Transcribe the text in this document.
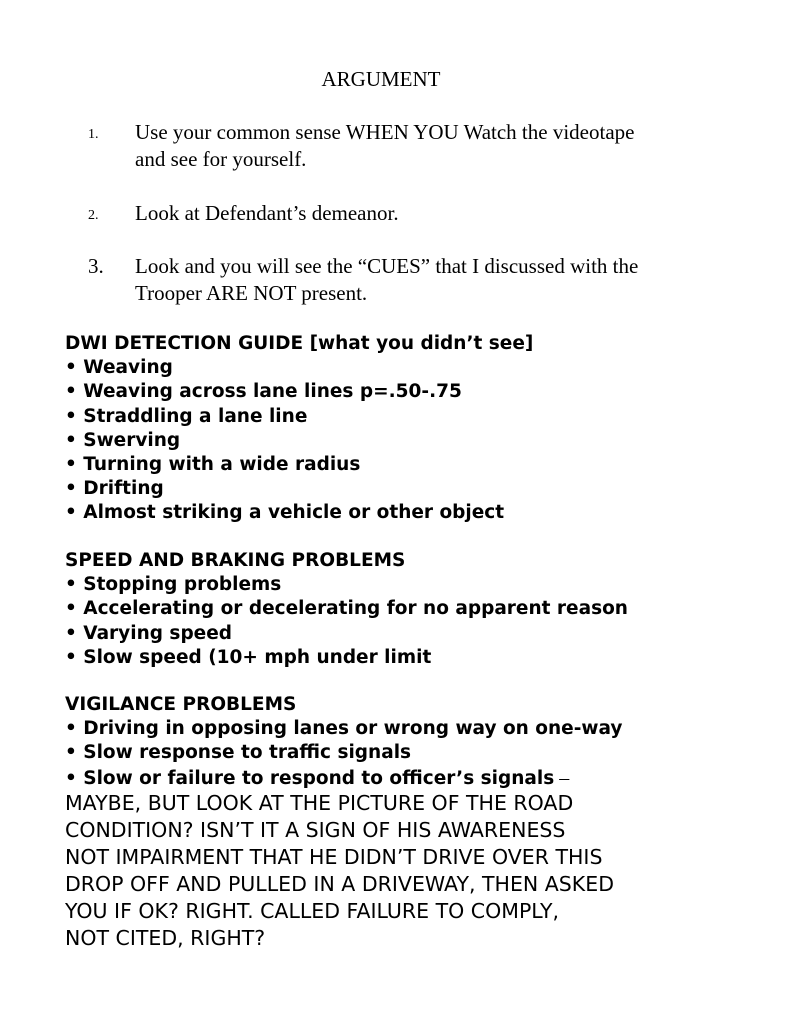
ARGUMENT
1. Use your common sense WHEN YOU Watch the videotape
and see for yourself.
2. Look at Defendant’s demeanor.
3. Look and you will see the “CUES” that I discussed with the
Trooper ARE NOT present.
DWI DETECTION GUIDE [what you didn’t see]
• Weaving
• Weaving across lane lines p=.50-.75
• Straddling a lane line
• Swerving
• Turning with a wide radius
• Drifting
• Almost striking a vehicle or other object
SPEED AND BRAKING PROBLEMS
• Stopping problems
• Accelerating or decelerating for no apparent reason
• Varying speed
• Slow speed (10+ mph under limit
VIGILANCE PROBLEMS
• Driving in opposing lanes or wrong way on one-way
• Slow response to traffic signals
• Slow or failure to respond to officer’s signals –
MAYBE, BUT LOOK AT THE PICTURE OF THE ROAD
CONDITION? ISN’T IT A SIGN OF HIS AWARENESS
NOT IMPAIRMENT THAT HE DIDN’T DRIVE OVER THIS
DROP OFF AND PULLED IN A DRIVEWAY, THEN ASKED
YOU IF OK? RIGHT. CALLED FAILURE TO COMPLY,
NOT CITED, RIGHT?
